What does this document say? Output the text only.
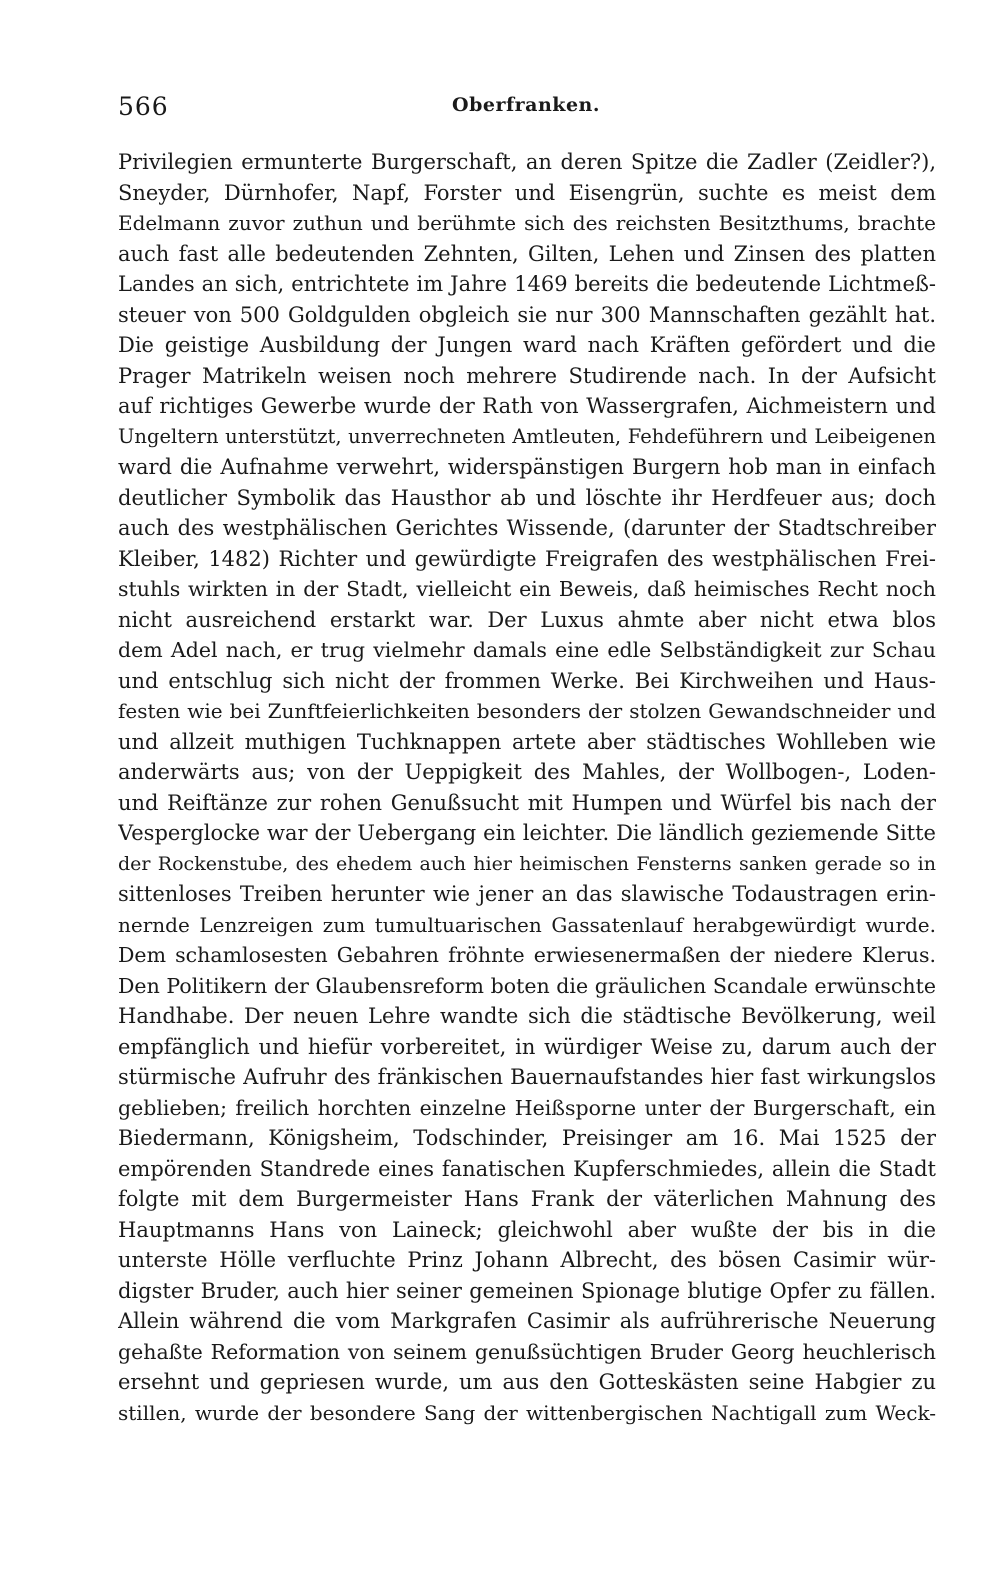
566	Oberfranken.
Privilegien ermunterte Burgerschaft, an deren Spitze die Zadler (Zeidler?),
Sneyder, Dürnhofer, Napf, Forster und Eisengrün, suchte es meist dem
Edelmann zuvor zuthun und berühmte sich des reichsten Besitzthums, brachte
auch fast alle bedeutenden Zehnten, Gilten, Lehen und Zinsen des platten
Landes an sich, entrichtete im Jahre 1469 bereits die bedeutende Lichtmeß-
steuer von 500 Goldgulden obgleich sie nur 300 Mannschaften gezählt hat.
Die geistige Ausbildung der Jungen ward nach Kräften gefördert und die
Prager Matrikeln weisen noch mehrere Studirende nach. In der Aufsicht
auf richtiges Gewerbe wurde der Rath von Wassergrafen, Aichmeistern und
Ungeltern unterstützt, unverrechneten Amtleuten, Fehdeführern und Leibeigenen
ward die Aufnahme verwehrt, widerspänstigen Burgern hob man in einfach
deutlicher Symbolik das Hausthor ab und löschte ihr Herdfeuer aus; doch
auch des westphälischen Gerichtes Wissende, (darunter der Stadtschreiber
Kleiber, 1482) Richter und gewürdigte Freigrafen des westphälischen Frei-
stuhls wirkten in der Stadt, vielleicht ein Beweis, daß heimisches Recht noch
nicht ausreichend erstarkt war. Der Luxus ahmte aber nicht etwa blos
dem Adel nach, er trug vielmehr damals eine edle Selbständigkeit zur Schau
und entschlug sich nicht der frommen Werke. Bei Kirchweihen und Haus-
festen wie bei Zunftfeierlichkeiten besonders der stolzen Gewandschneider und
und allzeit muthigen Tuchknappen artete aber städtisches Wohlleben wie
anderwärts aus; von der Ueppigkeit des Mahles, der Wollbogen-, Loden-
und Reiftänze zur rohen Genußsucht mit Humpen und Würfel bis nach der
Vesperglocke war der Uebergang ein leichter. Die ländlich geziemende Sitte
der Rockenstube, des ehedem auch hier heimischen Fensterns sanken gerade so in
sittenloses Treiben herunter wie jener an das slawische Todaustragen erin-
nernde Lenzreigen zum tumultuarischen Gassatenlauf herabgewürdigt wurde.
Dem schamlosesten Gebahren fröhnte erwiesenermaßen der niedere Klerus.
Den Politikern der Glaubensreform boten die gräulichen Scandale erwünschte
Handhabe. Der neuen Lehre wandte sich die städtische Bevölkerung, weil
empfänglich und hiefür vorbereitet, in würdiger Weise zu, darum auch der
stürmische Aufruhr des fränkischen Bauernaufstandes hier fast wirkungslos
geblieben; freilich horchten einzelne Heißsporne unter der Burgerschaft, ein
Biedermann, Königsheim, Todschinder, Preisinger am 16. Mai 1525 der
empörenden Standrede eines fanatischen Kupferschmiedes, allein die Stadt
folgte mit dem Burgermeister Hans Frank der väterlichen Mahnung des
Hauptmanns Hans von Laineck; gleichwohl aber wußte der bis in die
unterste Hölle verfluchte Prinz Johann Albrecht, des bösen Casimir wür-
digster Bruder, auch hier seiner gemeinen Spionage blutige Opfer zu fällen.
Allein während die vom Markgrafen Casimir als aufrührerische Neuerung
gehaßte Reformation von seinem genußsüchtigen Bruder Georg heuchlerisch
ersehnt und gepriesen wurde, um aus den Gotteskästen seine Habgier zu
stillen, wurde der besondere Sang der wittenbergischen Nachtigall zum Weck-
